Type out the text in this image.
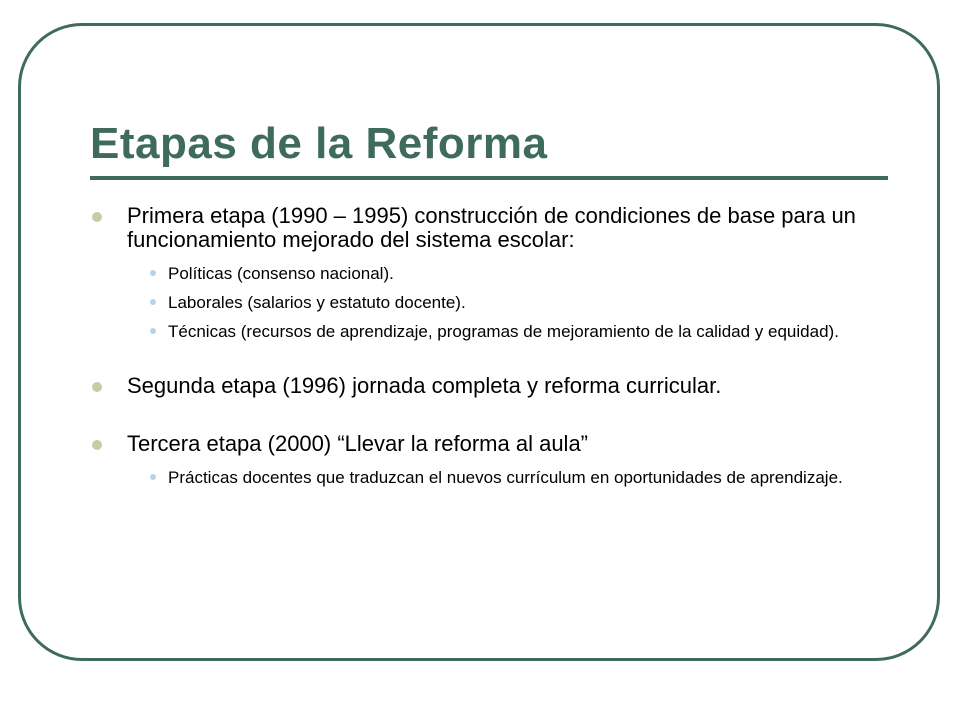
Etapas de la Reforma
Primera etapa (1990 – 1995) construcción de condiciones de base para un funcionamiento mejorado del sistema escolar:
Políticas (consenso nacional).
Laborales (salarios y estatuto docente).
Técnicas (recursos de aprendizaje, programas de mejoramiento de la calidad y equidad).
Segunda etapa (1996) jornada completa y reforma curricular.
Tercera etapa (2000) “Llevar la reforma al aula”
Prácticas docentes que traduzcan el nuevos currículum en oportunidades de aprendizaje.
